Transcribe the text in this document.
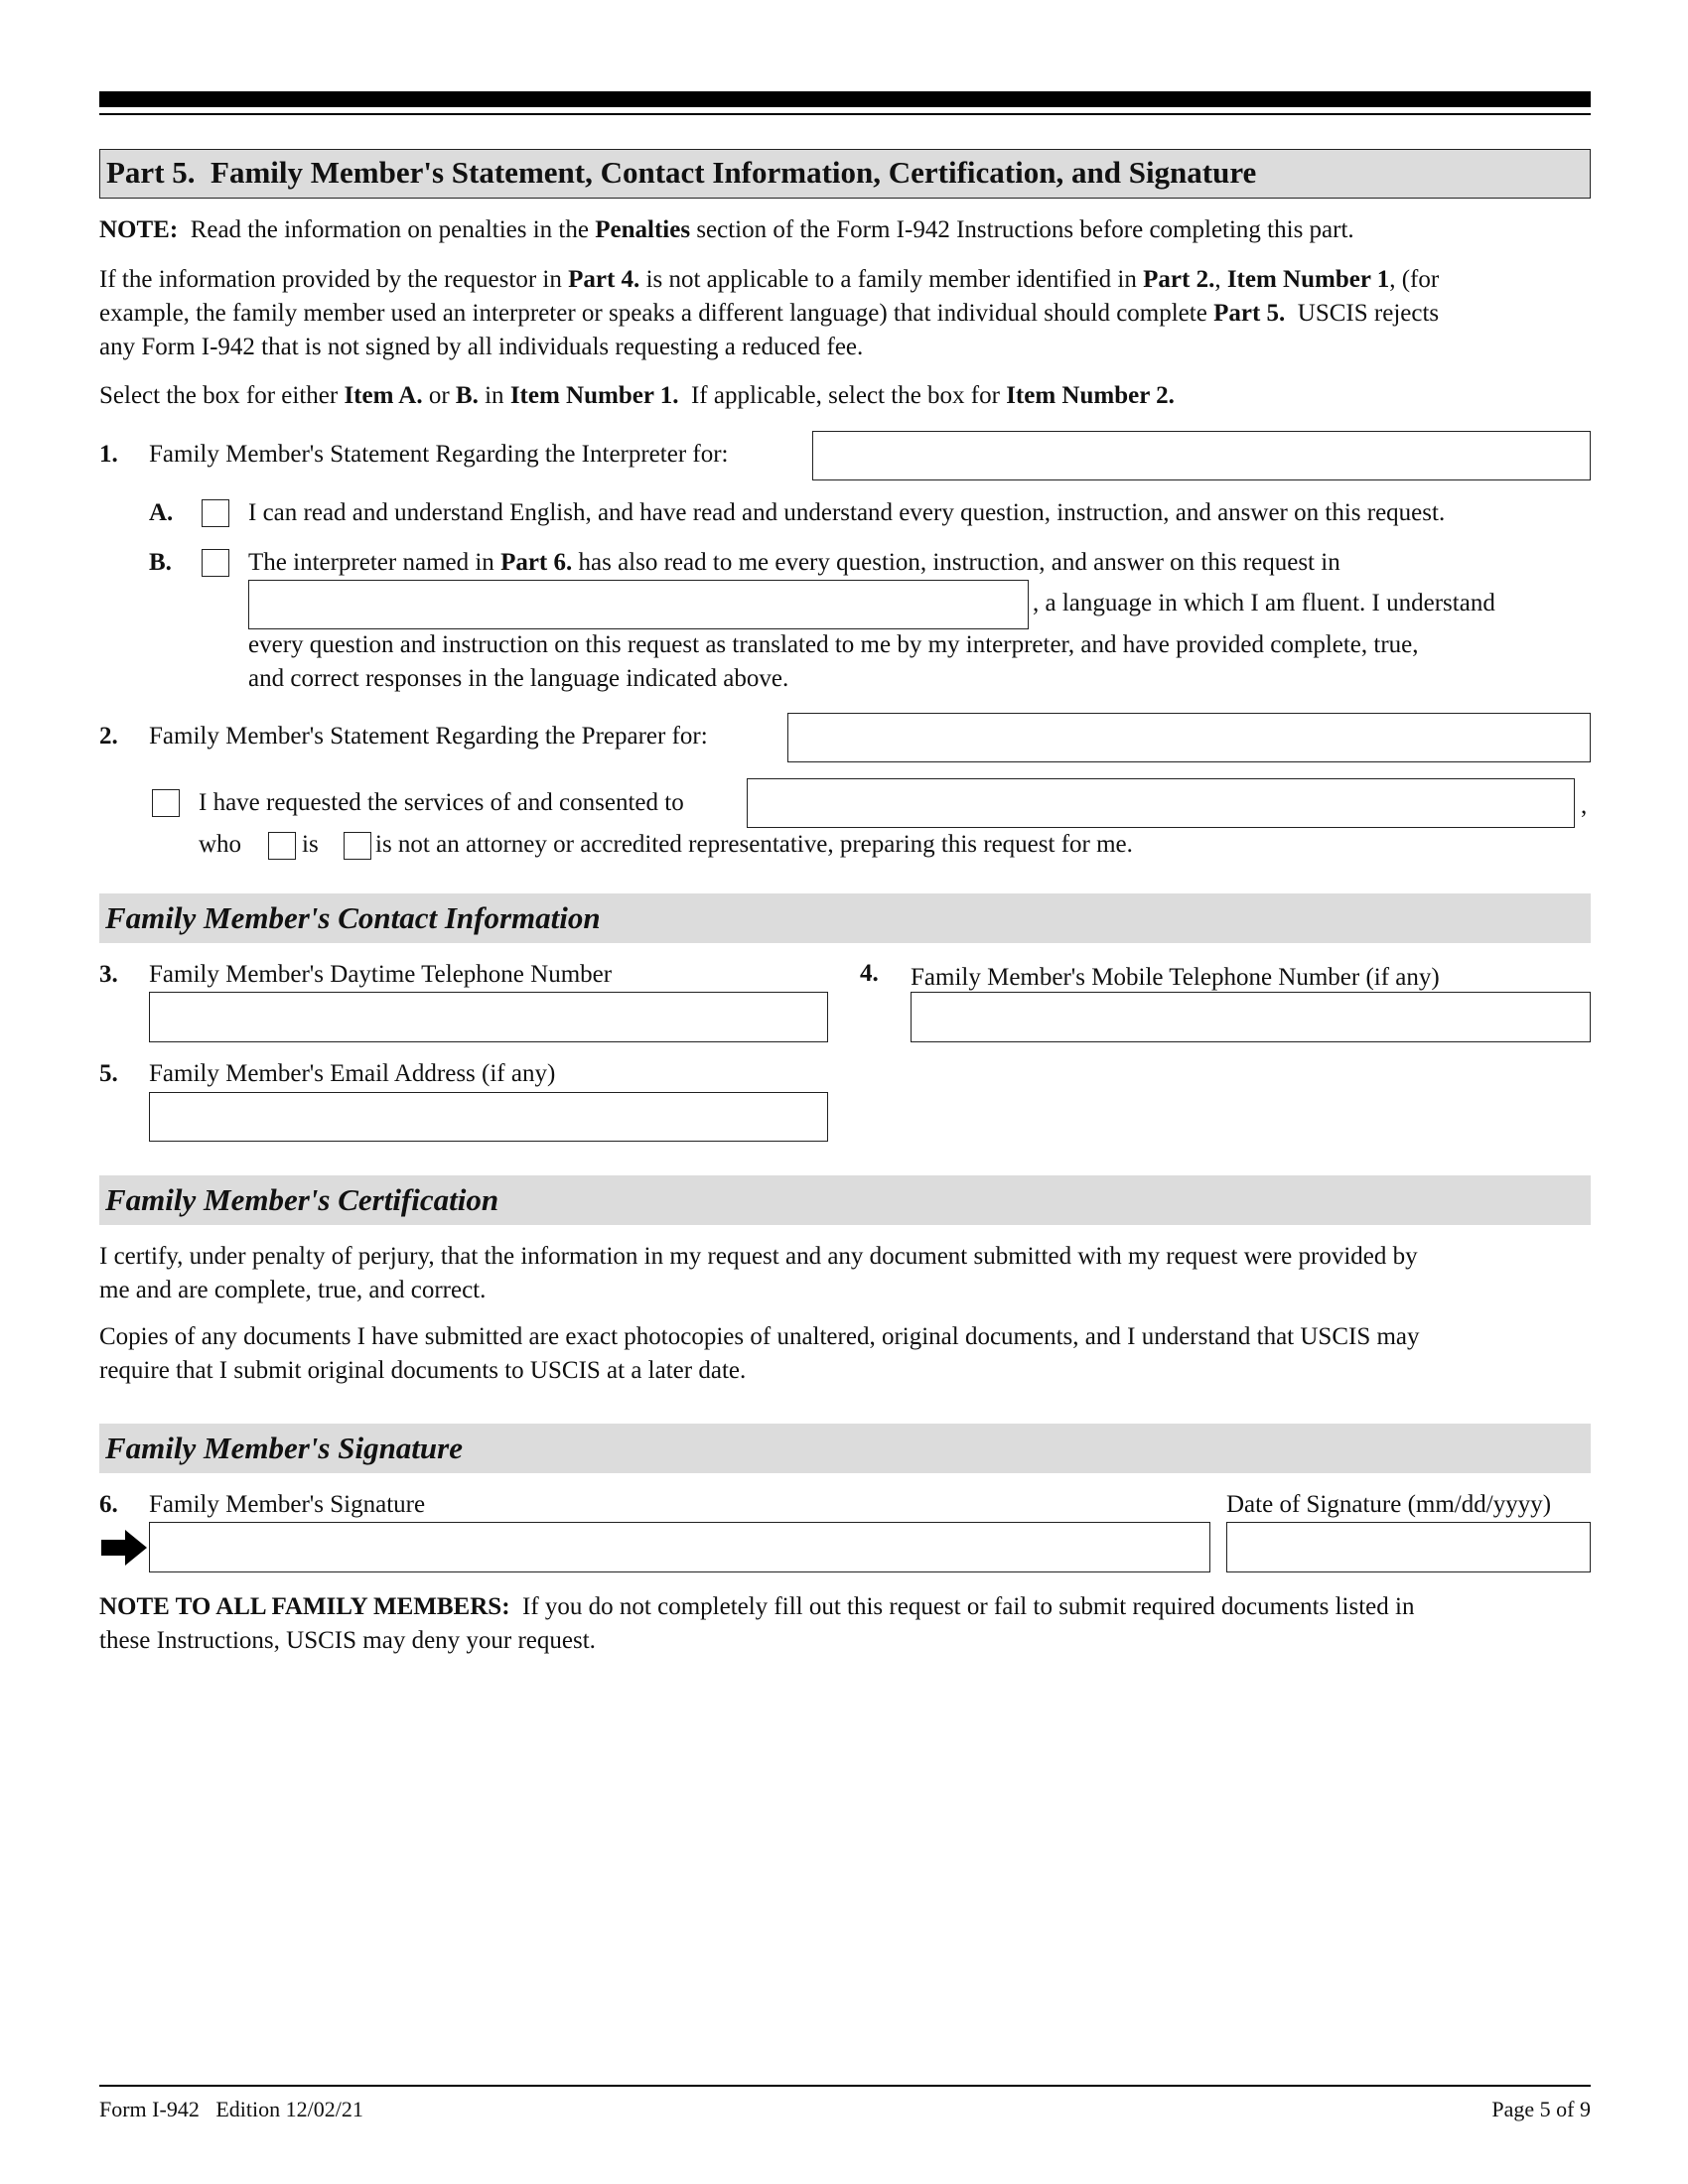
Part 5. Family Member's Statement, Contact Information, Certification, and Signature
NOTE: Read the information on penalties in the Penalties section of the Form I-942 Instructions before completing this part.
If the information provided by the requestor in Part 4. is not applicable to a family member identified in Part 2., Item Number 1, (for
example, the family member used an interpreter or speaks a different language) that individual should complete Part 5. USCIS rejects
any Form I-942 that is not signed by all individuals requesting a reduced fee.
Select the box for either Item A. or B. in Item Number 1. If applicable, select the box for Item Number 2.
1. Family Member's Statement Regarding the Interpreter for:
A.	I can read and understand English, and have read and understand every question, instruction, and answer on this request.
B.	The interpreter named in Part 6. has also read to me every question, instruction, and answer on this request in
, a language in which I am fluent. I understand
every question and instruction on this request as translated to me by my interpreter, and have provided complete, true,
and correct responses in the language indicated above.
2. Family Member's Statement Regarding the Preparer for:
I have requested the services of and consented to	,
who is is not an attorney or accredited representative, preparing this request for me.
Family Member's Contact Information
3. Family Member's Daytime Telephone Number	4. Family Member's Mobile Telephone Number (if any)
5. Family Member's Email Address (if any)
Family Member's Certification
I certify, under penalty of perjury, that the information in my request and any document submitted with my request were provided by
me and are complete, true, and correct.
Copies of any documents I have submitted are exact photocopies of unaltered, original documents, and I understand that USCIS may
require that I submit original documents to USCIS at a later date.
Family Member's Signature
6. Family Member's Signature	Date of Signature (mm/dd/yyyy)
NOTE TO ALL FAMILY MEMBERS: If you do not completely fill out this request or fail to submit required documents listed in
these Instructions, USCIS may deny your request.
Form I-942 Edition 12/02/21	Page 5 of 9
